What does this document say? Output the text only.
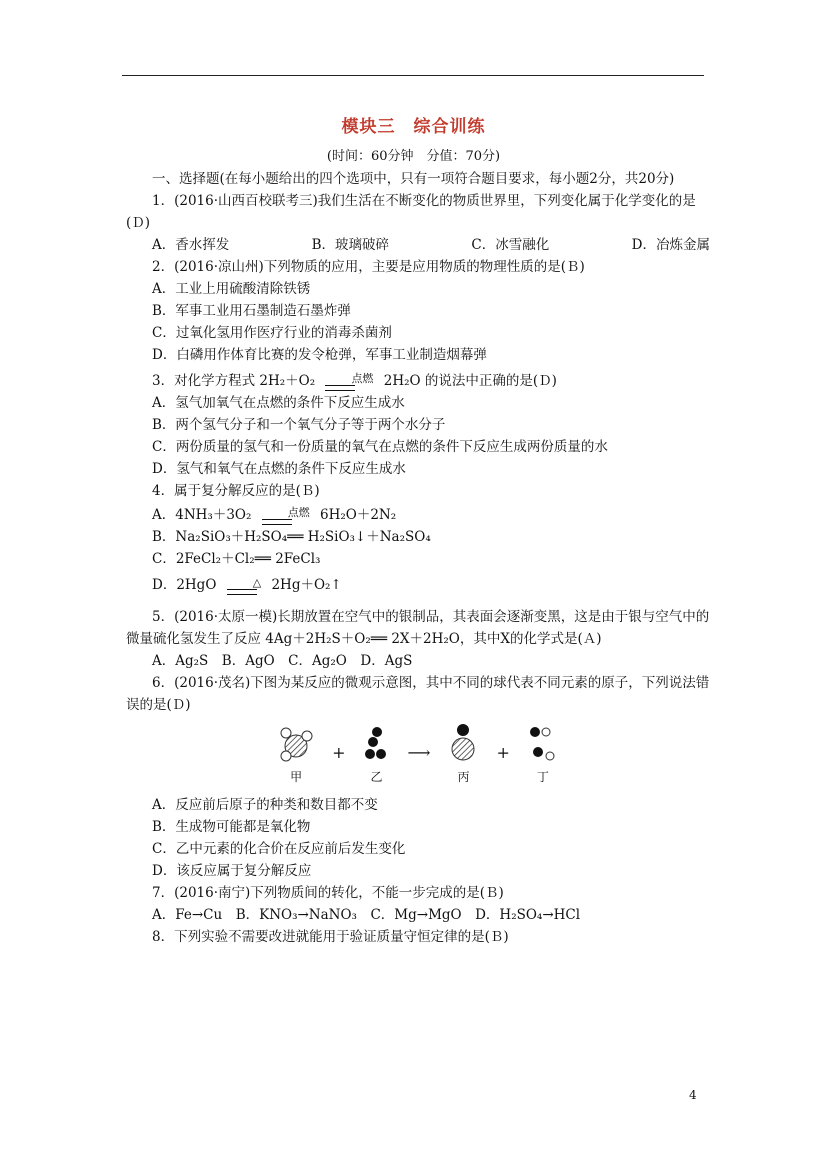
模块三　综合训练
(时间：60分钟　分值：70分)

一、选择题(在每小题给出的四个选项中，只有一项符合题目要求，每小题2分，共20分)

1．(2016·山西百校联考三)我们生活在不断变化的物质世界里，下列变化属于化学变化的是(Ｄ)

A．香水挥发	B．玻璃破碎	C．冰雪融化	D．冶炼金属

2．(2016·凉山州)下列物质的应用，主要是应用物质的物理性质的是(Ｂ)

A．工业上用硫酸清除铁锈

B．军事工业用石墨制造石墨炸弹

C．过氧化氢用作医疗行业的消毒杀菌剂

D．白磷用作体育比赛的发令枪弹，军事工业制造烟幕弹

3．对化学方程式 2H₂＋O₂	点燃 2H₂O 的说法中正确的是(Ｄ)

A．氢气加氧气在点燃的条件下反应生成水

B．两个氢气分子和一个氧气分子等于两个水分子

C．两份质量的氢气和一份质量的氧气在点燃的条件下反应生成两份质量的水

D．氢气和氧气在点燃的条件下反应生成水

4．属于复分解反应的是(Ｂ)

A．4NH₃＋3O₂	点燃 6H₂O＋2N₂

B．Na₂SiO₃＋H₂SO₄══ H₂SiO₃↓＋Na₂SO₄

C．2FeCl₂＋Cl₂══ 2FeCl₃

D．2HgO	△ 2Hg＋O₂↑

5．(2016·太原一模)长期放置在空气中的银制品，其表面会逐渐变黑，这是由于银与空气中的微量硫化氢发生了反应 4Ag＋2H₂S＋O₂══ 2X＋2H₂O，其中X的化学式是(Ａ)

A．Ag₂S　B．AgO　C．Ag₂O　D．AgS

6．(2016·茂名)下图为某反应的微观示意图，其中不同的球代表不同元素的原子，下列说法错误的是(Ｄ)

甲
+
乙
⟶
丙
+
丁

A．反应前后原子的种类和数目都不变

B．生成物可能都是氧化物

C．乙中元素的化合价在反应前后发生变化

D．该反应属于复分解反应

7．(2016·南宁)下列物质间的转化，不能一步完成的是(Ｂ)

A．Fe→Cu　B．KNO₃→NaNO₃　C．Mg→MgO　D．H₂SO₄→HCl

8．下列实验不需要改进就能用于验证质量守恒定律的是(Ｂ)

4
